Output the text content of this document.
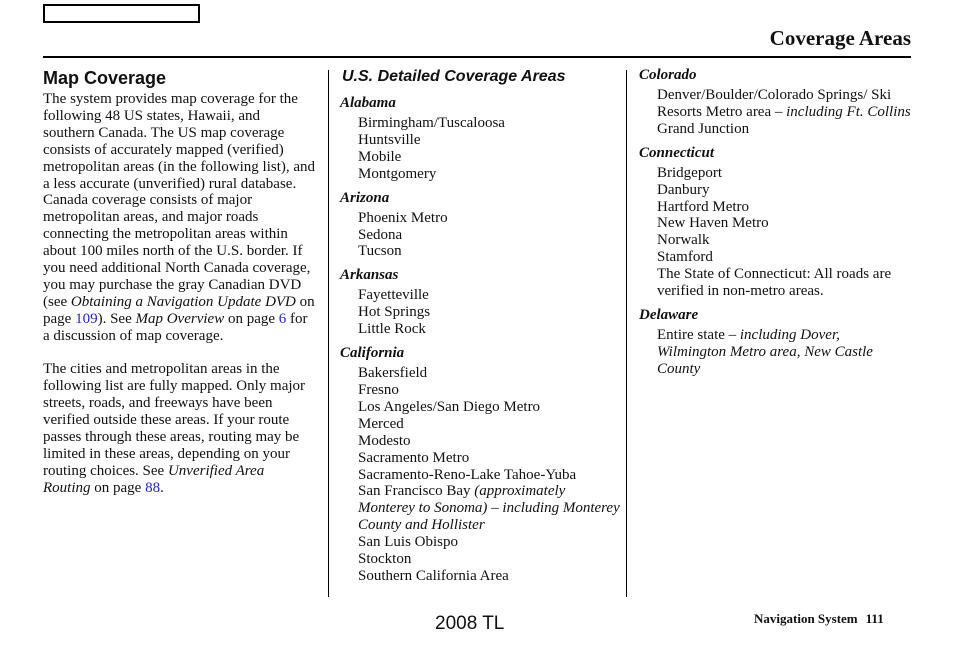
Coverage Areas
Map Coverage

The system provides map coverage for the following 48 US states, Hawaii, and southern Canada. The US map coverage consists of accurately mapped (verified) metropolitan areas (in the following list), and a less accurate (unverified) rural database. Canada coverage consists of major metropolitan areas, and major roads connecting the metropolitan areas within about 100 miles north of the U.S. border. If you need additional North Canada coverage, you may purchase the gray Canadian DVD (see Obtaining a Navigation Update DVD on page 109). See Map Overview on page 6 for a discussion of map coverage.

The cities and metropolitan areas in the following list are fully mapped. Only major streets, roads, and freeways have been verified outside these areas. If your route passes through these areas, routing may be limited in these areas, depending on your routing choices. See Unverified Area Routing on page 88.

U.S. Detailed Coverage Areas
Alabama
Birmingham/Tuscaloosa
Huntsville
Mobile
Montgomery
Arizona
Phoenix Metro
Sedona
Tucson
Arkansas
Fayetteville
Hot Springs
Little Rock
California
Bakersfield
Fresno
Los Angeles/San Diego Metro
Merced
Modesto
Sacramento Metro
Sacramento-Reno-Lake Tahoe-Yuba
San Francisco Bay (approximately Monterey to Sonoma) – including Monterey County and Hollister
San Luis Obispo
Stockton
Southern California Area
Colorado
Denver/Boulder/Colorado Springs/ Ski Resorts Metro area – including Ft. Collins
Grand Junction
Connecticut
Bridgeport
Danbury
Hartford Metro
New Haven Metro
Norwalk
Stamford
The State of Connecticut: All roads are verified in non-metro areas.
Delaware
Entire state – including Dover, Wilmington Metro area, New Castle County
2008 TL	Navigation System 111
